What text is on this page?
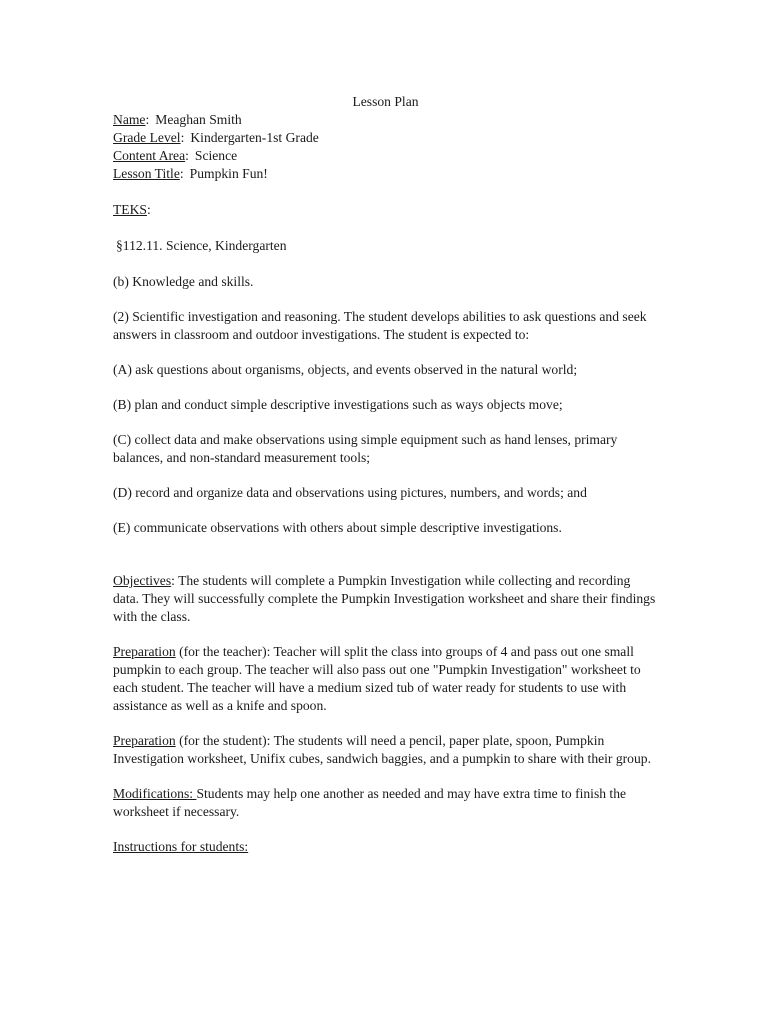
Lesson Plan
Name: Meaghan Smith
Grade Level: Kindergarten-1st Grade
Content Area: Science
Lesson Title: Pumpkin Fun!

TEKS:

§112.11. Science, Kindergarten

(b) Knowledge and skills.

(2) Scientific investigation and reasoning. The student develops abilities to ask questions and seek answers in classroom and outdoor investigations. The student is expected to:

(A) ask questions about organisms, objects, and events observed in the natural world;

(B) plan and conduct simple descriptive investigations such as ways objects move;

(C) collect data and make observations using simple equipment such as hand lenses, primary balances, and non-standard measurement tools;

(D) record and organize data and observations using pictures, numbers, and words; and

(E) communicate observations with others about simple descriptive investigations.

Objectives: The students will complete a Pumpkin Investigation while collecting and recording data. They will successfully complete the Pumpkin Investigation worksheet and share their findings with the class.

Preparation (for the teacher): Teacher will split the class into groups of 4 and pass out one small pumpkin to each group. The teacher will also pass out one "Pumpkin Investigation" worksheet to each student. The teacher will have a medium sized tub of water ready for students to use with assistance as well as a knife and spoon.

Preparation (for the student): The students will need a pencil, paper plate, spoon, Pumpkin Investigation worksheet, Unifix cubes, sandwich baggies, and a pumpkin to share with their group.

Modifications: Students may help one another as needed and may have extra time to finish the worksheet if necessary.

Instructions for students:
